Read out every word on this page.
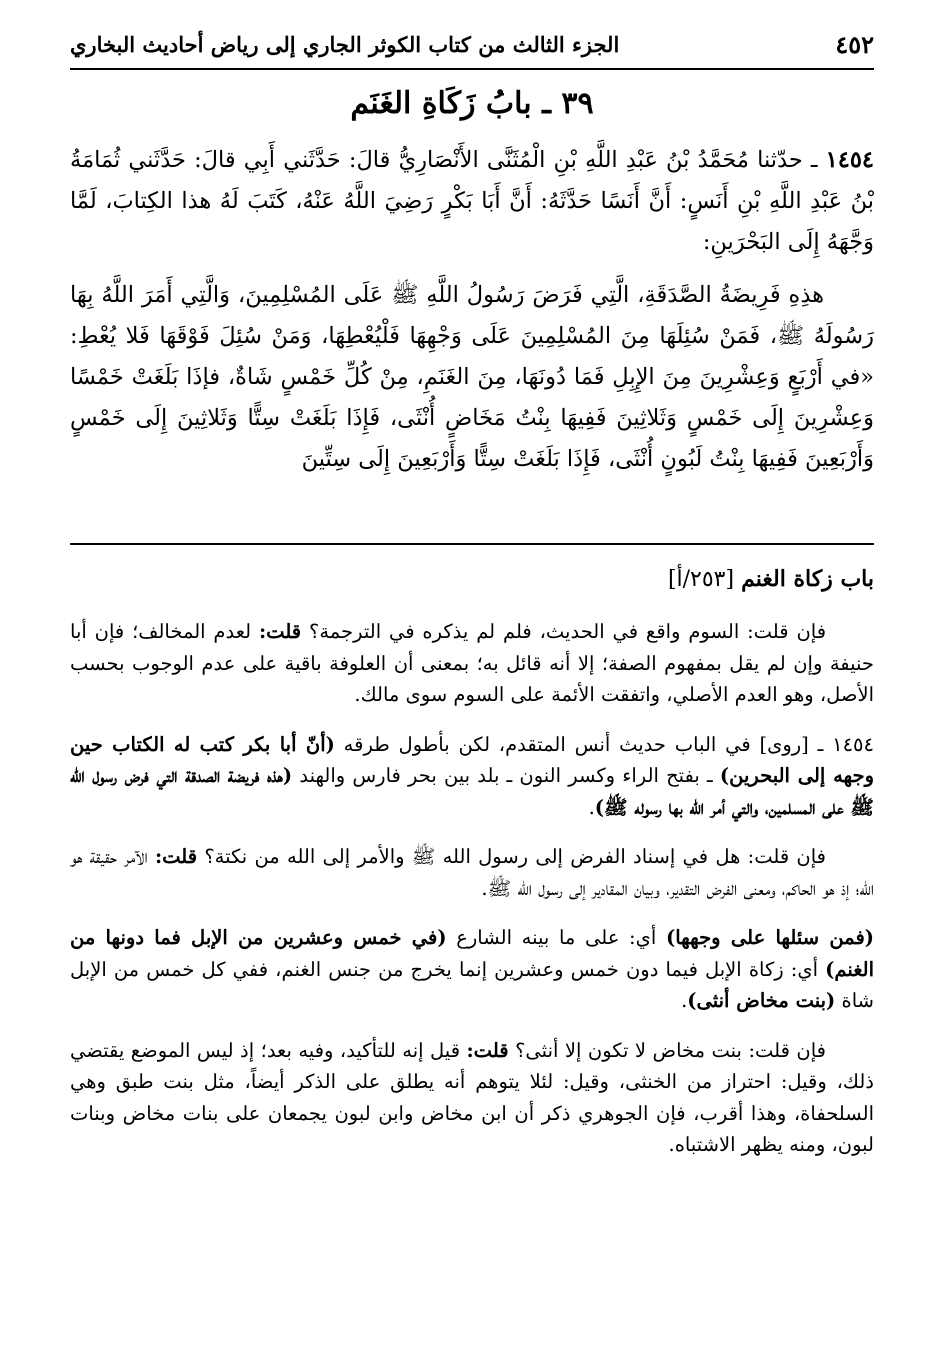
٤٥٢
الجزء الثالث من كتاب الكوثر الجاري إلى رياض أحاديث البخاري
٣٩ ـ بابُ زَكَاةِ الغَنَم

١٤٥٤ ـ حدّثنا مُحَمَّدُ بْنُ عَبْدِ اللَّهِ بْنِ الْمُثَنَّى الأَنْصَارِيُّ قالَ: حَدَّثَني أَبِي قالَ: حَدَّثَني ثُمَامَةُ بْنُ عَبْدِ اللَّهِ بْنِ أَنَسٍ: أَنَّ أَنَسًا حَدَّثَهُ: أَنَّ أَبَا بَكْرٍ رَضِيَ اللَّهُ عَنْهُ، كَتَبَ لَهُ هذا الكِتابَ، لَمَّا وَجَّهَهُ إِلَى البَحْرَينِ:

هذِهِ فَرِيضَةُ الصَّدَقَةِ، الَّتِي فَرَضَ رَسُولُ اللَّهِ ﷺ عَلَى المُسْلِمِينَ، وَالَّتِي أَمَرَ اللَّهُ بِهَا رَسُولَهُ ﷺ، فَمَنْ سُئِلَهَا مِنَ المُسْلِمِينَ عَلَى وَجْهِهَا فَلْيُعْطِهَا، وَمَنْ سُئِلَ فَوْقَهَا فَلا يُعْطِ: «في أَرْبَعٍ وَعِشْرِينَ مِنَ الإِبِلِ فَمَا دُونَهَا، مِنَ الغَنَمِ، مِنْ كُلِّ خَمْسٍ شَاةٌ، فإذَا بَلَغَتْ خَمْسًا وَعِشْرِينَ إِلَى خَمْسٍ وَثَلاثِينَ فَفِيهَا بِنْتُ مَخَاضٍ أُنْثَى، فَإِذَا بَلَغَتْ سِتًّا وَثَلاثِينَ إِلَى خَمْسٍ وَأَرْبَعِينَ فَفِيهَا بِنْتُ لَبُونٍ أُنْثَى، فَإِذَا بَلَغَتْ سِتًّا وَأَرْبَعِينَ إِلَى سِتِّينَ

باب زكاة الغنم [٢٥٣/أ]

فإن قلت: السوم واقع في الحديث، فلم لم يذكره في الترجمة؟ قلت: لعدم المخالف؛ فإن أبا حنيفة وإن لم يقل بمفهوم الصفة؛ إلا أنه قائل به؛ بمعنى أن العلوفة باقية على عدم الوجوب بحسب الأصل، وهو العدم الأصلي، واتفقت الأئمة على السوم سوى مالك.

١٤٥٤ ـ [روى] في الباب حديث أنس المتقدم، لكن بأطول طرقه (أنّ أبا بكر كتب له الكتاب حين وجهه إلى البحرين) ـ بفتح الراء وكسر النون ـ بلد بين بحر فارس والهند (هذه فريضة الصدقة التي فرض رسول الله ﷺ على المسلمين، والتي أمر الله بها رسوله ﷺ).

فإن قلت: هل في إسناد الفرض إلى رسول الله ﷺ والأمر إلى الله من نكتة؟ قلت: الآمر حقيقة هو الله؛ إذ هو الحاكم، ومعنى الفرض التقدير، وبيان المقادير إلى رسول الله ﷺ.

(فمن سئلها على وجهها) أي: على ما بينه الشارع (في خمس وعشرين من الإبل فما دونها من الغنم) أي: زكاة الإبل فيما دون خمس وعشرين إنما يخرج من جنس الغنم، ففي كل خمس من الإبل شاة (بنت مخاض أنثى).

فإن قلت: بنت مخاض لا تكون إلا أنثى؟ قلت: قيل إنه للتأكيد، وفيه بعد؛ إذ ليس الموضع يقتضي ذلك، وقيل: احتراز من الخنثى، وقيل: لئلا يتوهم أنه يطلق على الذكر أيضاً، مثل بنت طبق وهي السلحفاة، وهذا أقرب، فإن الجوهري ذكر أن ابن مخاض وابن لبون يجمعان على بنات مخاض وبنات لبون، ومنه يظهر الاشتباه.
